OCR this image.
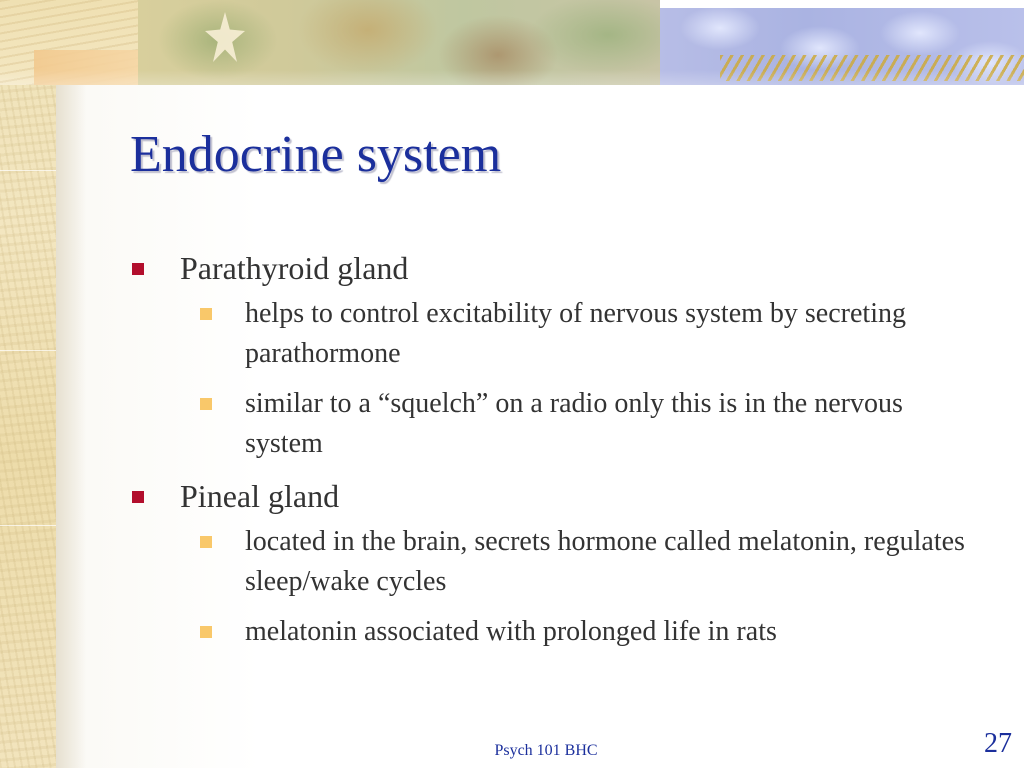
Endocrine system
Parathyroid gland
helps to control excitability of nervous system by secreting parathormone
similar to a “squelch” on a radio only this is in the nervous system
Pineal gland
located in the brain, secrets hormone called melatonin, regulates sleep/wake cycles
melatonin associated with prolonged life in rats
Psych 101 BHC	27
